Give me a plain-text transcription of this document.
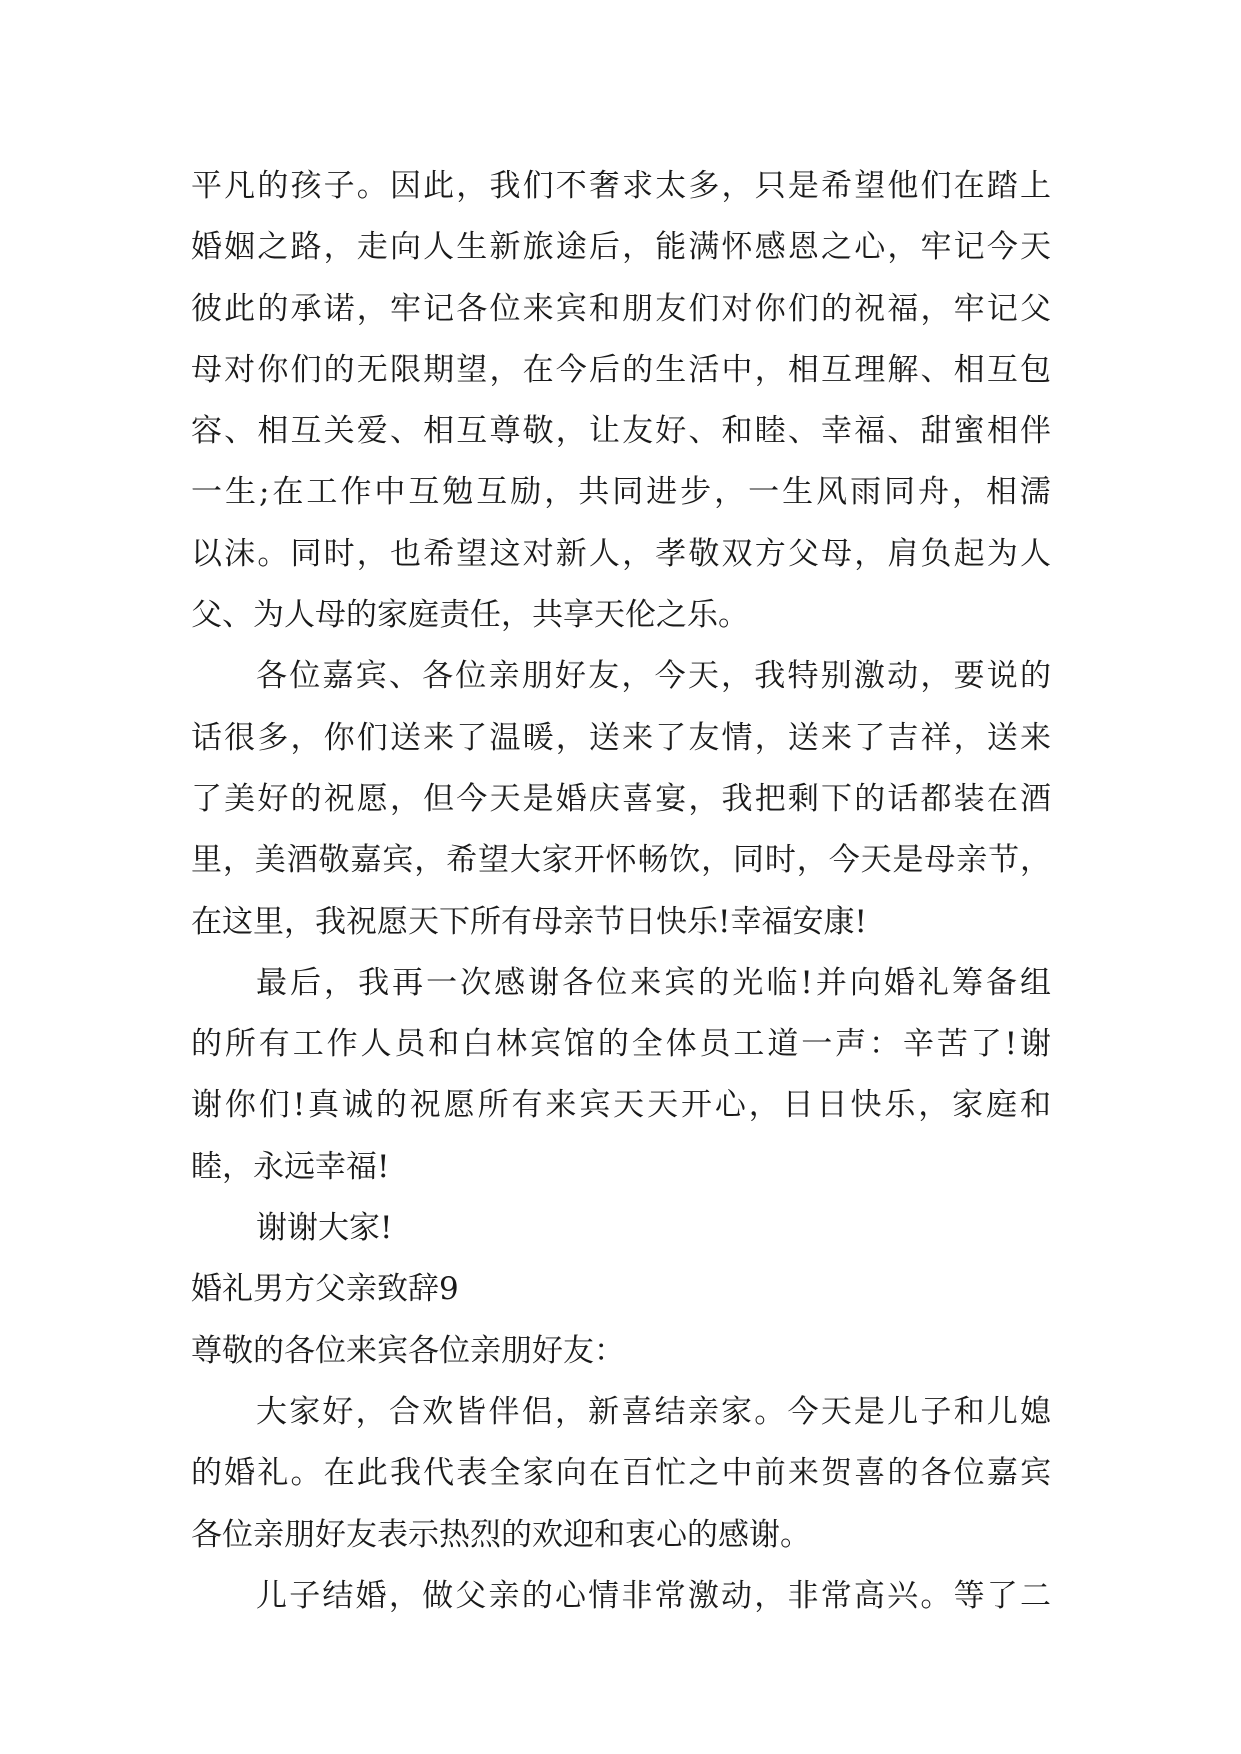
平凡的孩子。因此，我们不奢求太多，只是希望他们在踏上
婚姻之路，走向人生新旅途后，能满怀感恩之心，牢记今天
彼此的承诺，牢记各位来宾和朋友们对你们的祝福，牢记父
母对你们的无限期望，在今后的生活中，相互理解、相互包
容、相互关爱、相互尊敬，让友好、和睦、幸福、甜蜜相伴
一生;在工作中互勉互励，共同进步，一生风雨同舟，相濡
以沫。同时，也希望这对新人，孝敬双方父母，肩负起为人
父、为人母的家庭责任，共享天伦之乐。
各位嘉宾、各位亲朋好友，今天，我特别激动，要说的
话很多，你们送来了温暖，送来了友情，送来了吉祥，送来
了美好的祝愿，但今天是婚庆喜宴，我把剩下的话都装在酒
里，美酒敬嘉宾，希望大家开怀畅饮，同时，今天是母亲节，
在这里，我祝愿天下所有母亲节日快乐!幸福安康!
最后，我再一次感谢各位来宾的光临!并向婚礼筹备组
的所有工作人员和白林宾馆的全体员工道一声：辛苦了!谢
谢你们!真诚的祝愿所有来宾天天开心，日日快乐，家庭和
睦，永远幸福!
谢谢大家!
婚礼男方父亲致辞9
尊敬的各位来宾各位亲朋好友：
大家好，合欢皆伴侣，新喜结亲家。今天是儿子和儿媳
的婚礼。在此我代表全家向在百忙之中前来贺喜的各位嘉宾
各位亲朋好友表示热烈的欢迎和衷心的感谢。
儿子结婚，做父亲的心情非常激动，非常高兴。等了二
